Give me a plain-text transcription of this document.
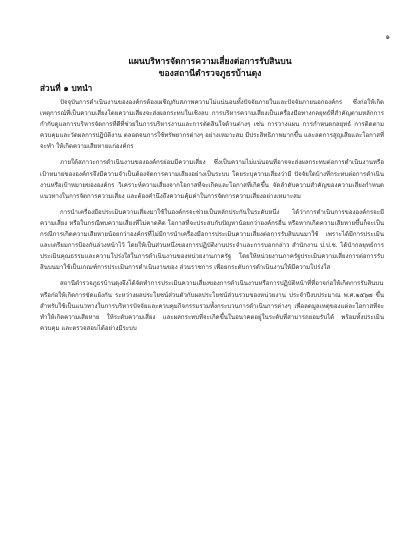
๑
แผนบริหารจัดการความเสี่ยงต่อการรับสินบน
ของสถานีตำรวจภูธรบ้านดุง
ส่วนที่ ๑ บทนำ

ปัจจุบันการดำเนินงานขององค์กรต้องเผชิญกับสภาพความไม่แน่นอนทั้งปัจจัยภายในและปัจจัยภายนอกองค์กร ซึ่งก่อให้เกิดเหตุการณ์ที่เป็นความเสี่ยงโดยความเสี่ยงจะส่งผลกระทบในเชิงลบ การบริหารความเสี่ยงเป็นเครื่องมือทางกลยุทธ์ที่สำคัญตามหลักการกำกับดูแลการบริหารจัดการที่ดีที่ช่วยในการบริหารงานและการตัดสินใจด้านต่างๆ เช่น การวางแผน การกำหนดกลยุทธ์ การติดตามควบคุมและวัดผลการปฏิบัติงาน ตลอดจนการใช้ทรัพยากรต่างๆ อย่างเหมาะสม มีประสิทธิภาพมากขึ้น และลดการสูญเสียและโอกาสที่จะทำ ให้เกิดความเสียหายแก่องค์กร

ภายใต้สภาวะการดำเนินงานขององค์กรย่อมมีความเสี่ยง ซึ่งเป็นความไม่แน่นอนที่อาจจะส่งผลกระทบต่อการดำเนินงานหรือเป้าหมายขององค์กรจึงมีความจำเป็นต้องจัดการความเสี่ยงอย่างเป็นระบบ โดยระบุความเสี่ยงว่ามี ปัจจัยใดบ้างที่กระทบต่อการดำเนินงานหรือเป้าหมายขององค์กร วิเคราะห์ความเสี่ยงจากโอกาสที่จะเกิดและโอกาสที่เกิดขึ้น จัดลำดับความสำคัญของความเสี่ยงกำหนดแนวทางในการจัดการความเสี่ยง และต้องคำนึงถึงความคุ้มค่าในการจัดการความเสี่ยงอย่างเหมาะสม

การนำเครื่องมือประเมินความเสี่ยงมาใช้ในองค์กรจะช่วยเป็นหลักประกันในระดับหนึ่ง ได้ว่าการดำเนินการขององค์กรจะมีความเสี่ยง หรือในกรณีพบความเสี่ยงที่ไม่คาดคิด โอกาสที่จะประสบกับปัญหาน้อยกว่าองค์กรอื่น หรือหากเกิดความเสียหายขึ้นก็จะเป็นกรณีการเกิดความเสียหายน้อยกว่าองค์กรที่ไม่มีการนำเครื่องมือการประเมินความเสี่ยงต่อการรับสินบนมาใช้ เพราะได้มีการประเมินและเตรียมการป้องกันล่วงหน้าไว้ โดยให้เป็นส่วนหนึ่งของการปฏิบัติงานประจำและการบอกกล่าว สำนักงาน ป.ป.ช. ได้นำกลยุทธ์การประเมินคุณธรรมและความโปร่งใสในการดำเนินงานของหน่วยงานภาครัฐ โดยให้หน่วยงานภาครัฐประเมินความเสี่ยงการต่อการรับสินบนมาใช้เป็นเกณฑ์การประเมินการดำเนินงานของ ส่วนราชการ เพื่อยกระดับการดำเนินงานให้มีความโปร่งใส

สถานีตำรวจภูธรบ้านดุงจึงได้จัดทำการประเมินความเสี่ยงของการดำเนินงานหรือการปฏิบัติหน้าที่ที่อาจก่อให้เกิดการรับสินบนหรือก่อให้เกิดการขัดแย้งกัน ระหว่างผลประโยชน์ส่วนตัวกับผลประโยชน์ส่วนรวมของหน่วยงาน ประจำปีงบประมาณ พ.ศ.๒๕๖๗ ขึ้น สำหรับใช้เป็นแนวทางในการบริหารปัจจัยและควบคุมกิจกรรมรวมทั้งกระบวนการดำเนินการต่างๆ เพื่อลดมูลเหตุของแต่ละโอกาสที่จะทำให้เกิดความเสียหาย ให้ระดับความเสี่ยง และผลกระทบที่จะเกิดขึ้นในอนาคตอยู่ในระดับที่สามารถยอมรับได้ พร้อมทั้งประเมินควบคุม และตรวจสอบได้อย่างมีระบบ
